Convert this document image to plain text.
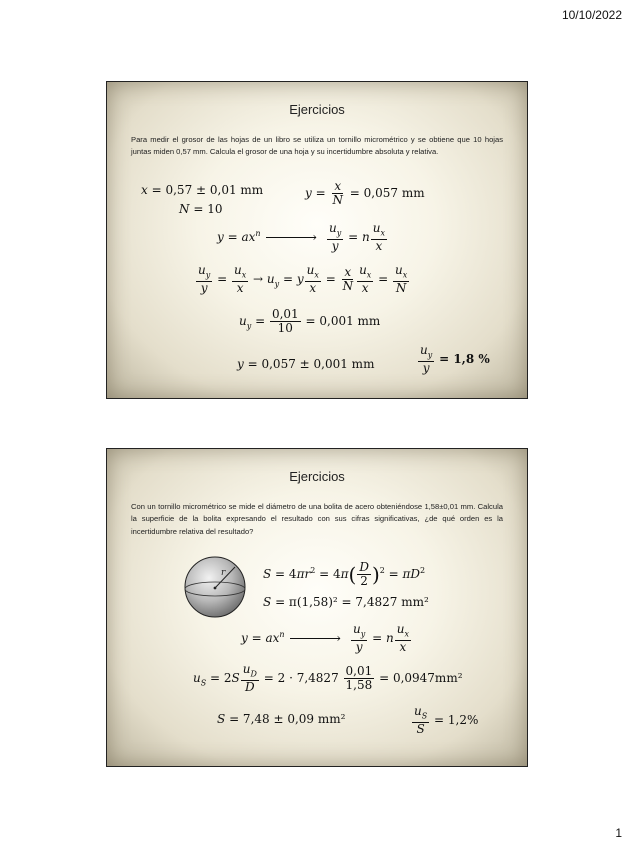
10/10/2022
Ejercicios
Para medir el grosor de las hojas de un libro se utiliza un tornillo micrométrico y se obtiene que 10 hojas juntas miden 0,57 mm. Calcula el grosor de una hoja y su incertidumbre absoluta y relativa.
x = 0,57 ± 0,01 mm
N = 10
$y = \frac{x}{N} = 0,057$ mm
$y = ax^n$	› $\frac{u_y}{y} = n \frac{u_x}{x}$
$\frac{u_y}{y} = \frac{u_x}{x} \to u_y = y \frac{u_x}{x} = \frac{x}{N} \frac{u_x}{x} = \frac{u_x}{N}$
$u_y = \frac{0,01}{10} = 0,001$ mm
y = 0,057 ± 0,001 mm	$\frac{u_y}{y} = 1,8$ %
Ejercicios
Con un tornillo micrométrico se mide el diámetro de una bolita de acero obteniéndose 1,58±0,01 mm. Calcula la superficie de la bolita expresando el resultado con sus cifras significativas, ¿de qué orden es la incertidumbre relativa del resultado?
r	$S = 4\pi r^2 = 4\pi( \frac{D}{2} )^2 = \pi D^2$
S = π(1,58)² = 7,4827 mm²
$y = ax^n$	› $\frac{u_y}{y} = n \frac{u_x}{x}$
$u_S = 2S \frac{u_D}{D} = 2 \cdot 7,4827 \frac{0,01}{1,58} = 0,0947mm^2$
S = 7,48 ± 0,09 mm²	$\frac{u_S}{S} = 1,2\%$
1
